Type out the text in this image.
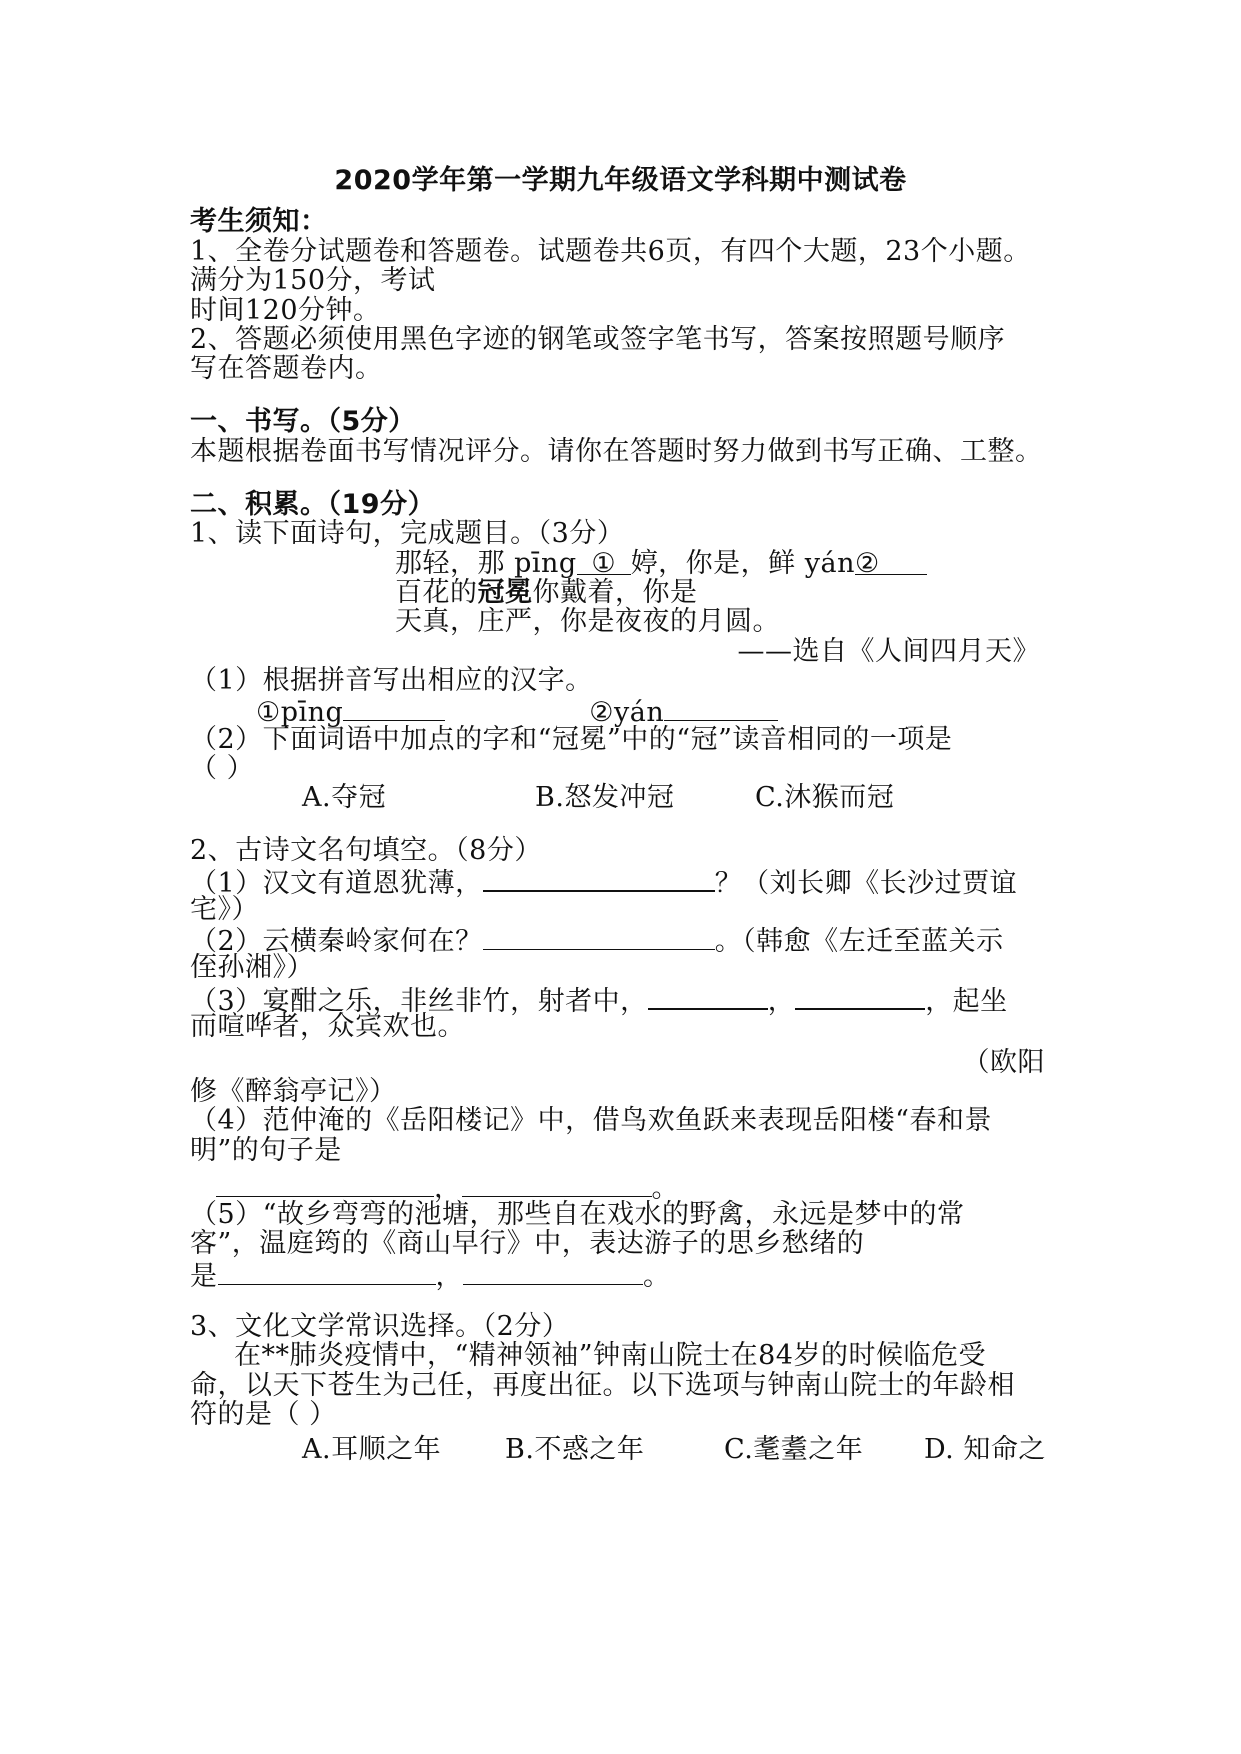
2020学年第一学期九年级语文学科期中测试卷
考生须知：
1、全卷分试题卷和答题卷。试题卷共6页，有四个大题，23个小题。
满分为150分，考试
时间120分钟。
2、答题必须使用黑色字迹的钢笔或签字笔书写，答案按照题号顺序
写在答题卷内。
一、书写。（5分）
本题根据卷面书写情况评分。请你在答题时努力做到书写正确、工整。
二、积累。（19分）
1、读下面诗句，完成题目。（3分）
那轻，那 pīng ① 婷，你是，鲜 yán②
百花的冠冕你戴着，你是
天真，庄严，你是夜夜的月圆。
——选自《人间四月天》
（1）根据拼音写出相应的汉字。
①pīng	②yán
（2）下面词语中加点的字和“冠冕”中的“冠”读音相同的一项是
（ ）
A.夺冠	B.怒发冲冠	C.沐猴而冠
2、古诗文名句填空。（8分）
（1）汉文有道恩犹薄，	？（刘长卿《长沙过贾谊
宅》）
（2）云横秦岭家何在？	。（韩愈《左迁至蓝关示
侄孙湘》）
（3）宴酣之乐，非丝非竹，射者中，	，	，起坐
而喧哗者，众宾欢也。
（欧阳
修《醉翁亭记》）
（4）范仲淹的《岳阳楼记》中，借鸟欢鱼跃来表现岳阳楼“春和景
明”的句子是
，	。
（5）“故乡弯弯的池塘，那些自在戏水的野禽，永远是梦中的常
客”，温庭筠的《商山早行》中，表达游子的思乡愁绪的
是	，	。
3、文化文学常识选择。（2分）
在**肺炎疫情中，“精神领袖”钟南山院士在84岁的时候临危受
命，以天下苍生为己任，再度出征。以下选项与钟南山院士的年龄相
符的是（ ）
A.耳顺之年 B.不惑之年	C.耄耋之年 D. 知命之
